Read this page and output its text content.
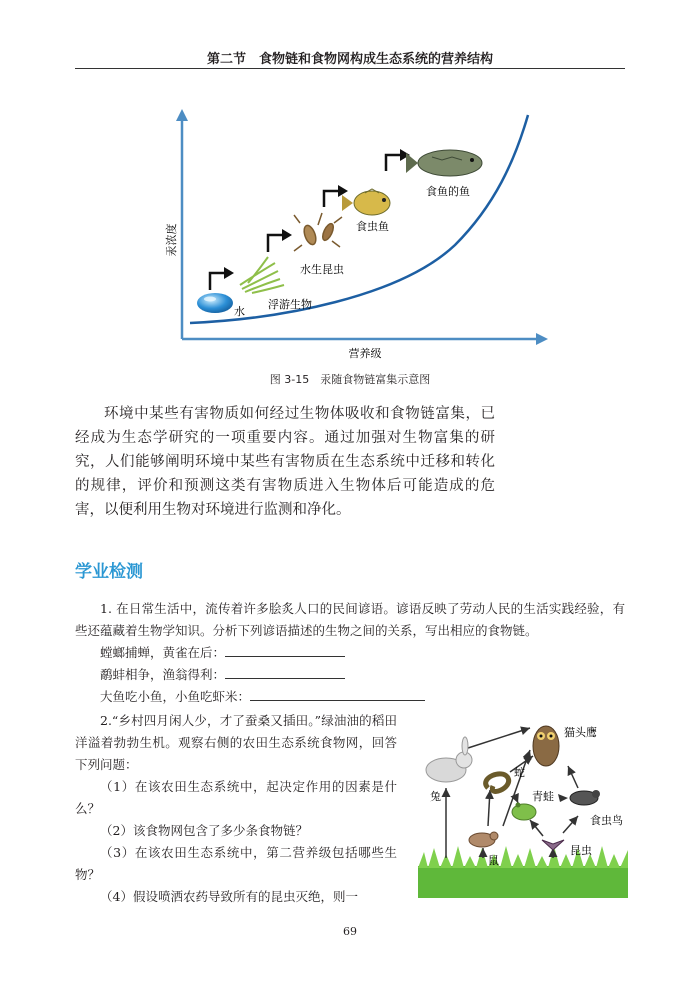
第二节　食物链和食物网构成生态系统的营养结构
汞浓度
营养级
水
浮游生物
水生昆虫
食虫鱼
食鱼的鱼
图 3-15　汞随食物链富集示意图

环境中某些有害物质如何经过生物体吸收和食物链富集，已经成为生态学研究的一项重要内容。通过加强对生物富集的研究，人们能够阐明环境中某些有害物质在生态系统中迁移和转化的规律，评价和预测这类有害物质进入生物体后可能造成的危害，以便利用生物对环境进行监测和净化。

学业检测
1. 在日常生活中，流传着许多脍炙人口的民间谚语。谚语反映了劳动人民的生活实践经验，有些还蕴藏着生物学知识。分析下列谚语描述的生物之间的关系，写出相应的食物链。
螳螂捕蝉，黄雀在后：
鹬蚌相争，渔翁得利：
大鱼吃小鱼，小鱼吃虾米：
2.“乡村四月闲人少，才了蚕桑又插田。”绿油油的稻田洋溢着勃勃生机。观察右侧的农田生态系统食物网，回答下列问题：
（1）在该农田生态系统中，起决定作用的因素是什么？
（2）该食物网包含了多少条食物链？
（3）在该农田生态系统中，第二营养级包括哪些生物？
（4）假设喷洒农药导致所有的昆虫灭绝，则一
兔
猫头鹰
蛇
青蛙
食虫鸟
鼠
昆虫
69
